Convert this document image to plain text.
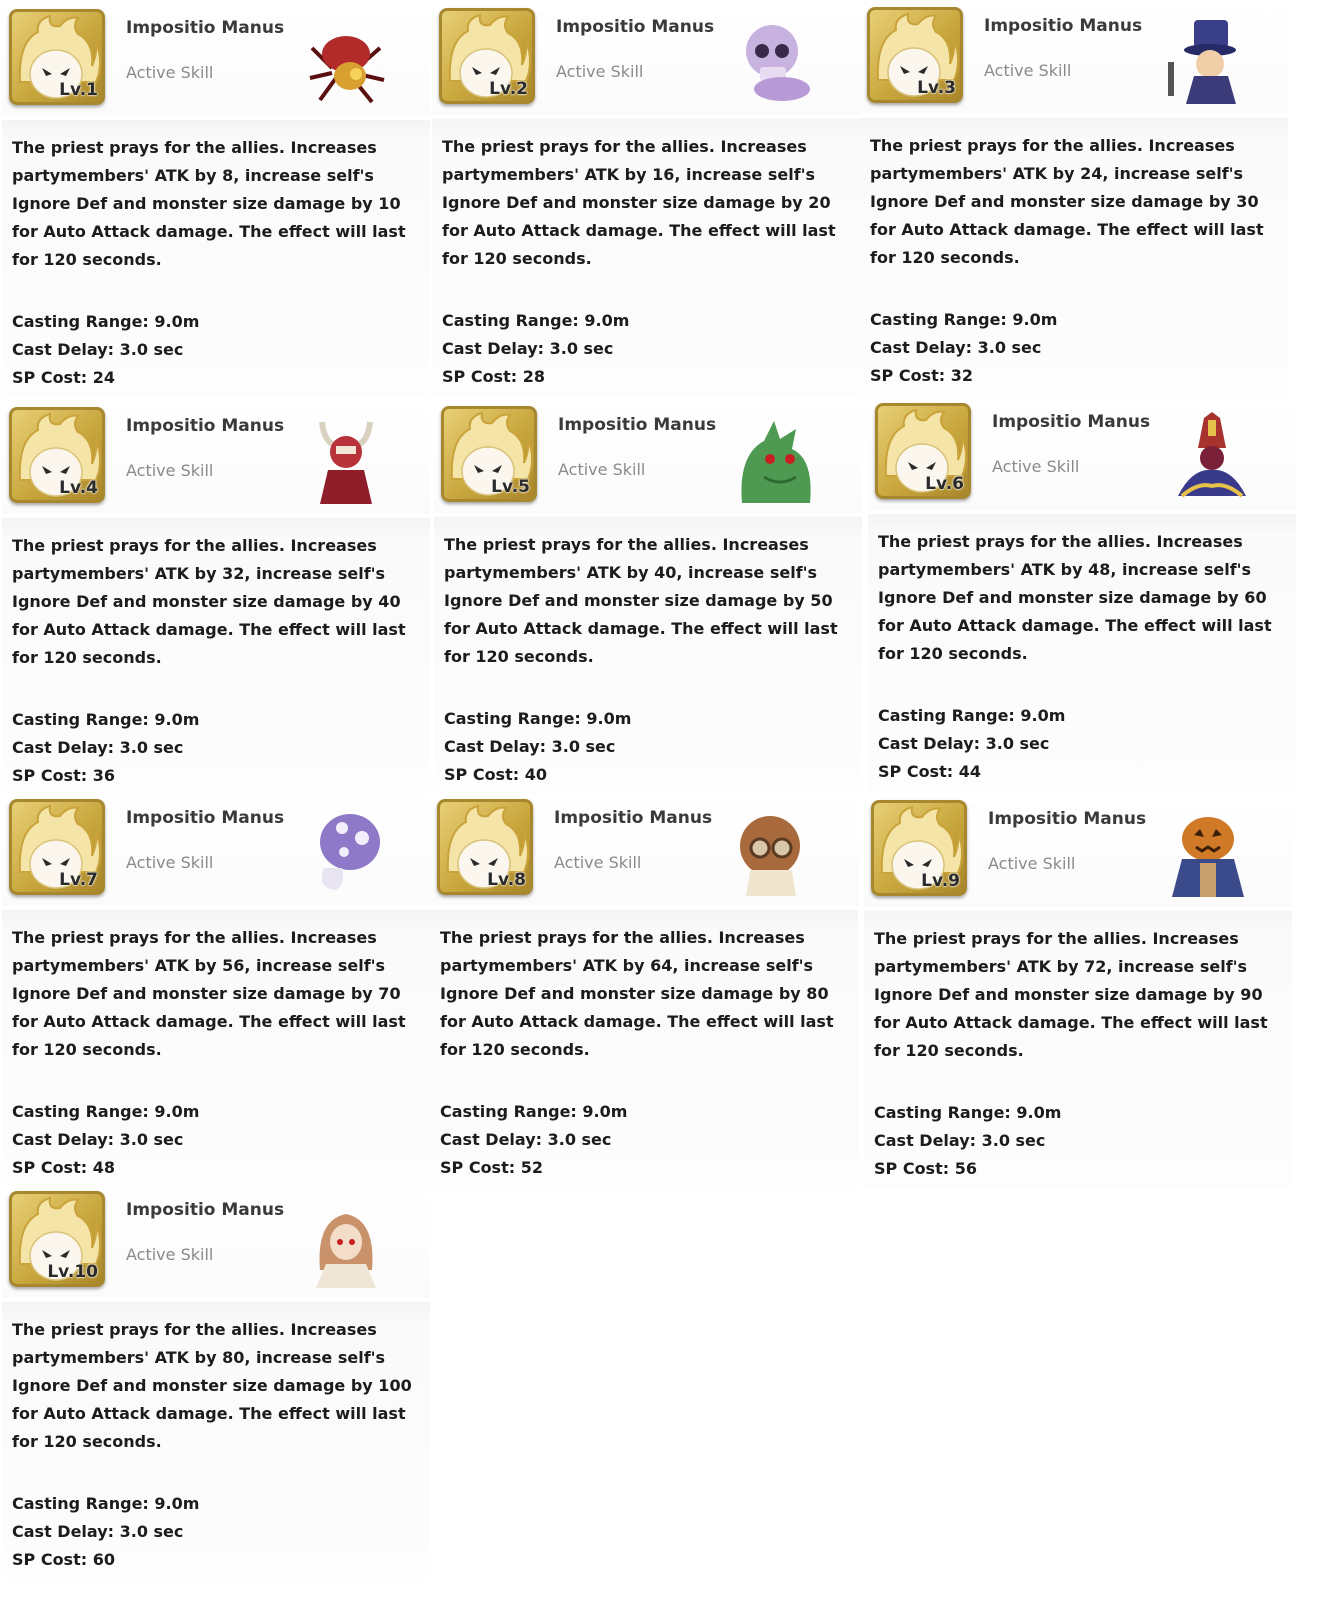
Lv.1
Impositio Manus
Active Skill
The priest prays for the allies. Increases partymembers' ATK by 8, increase self's Ignore Def and monster size damage by 10 for Auto Attack damage. The effect will last for 120 seconds.
Casting Range: 9.0m
Cast Delay: 3.0 sec
SP Cost: 24
Lv.2
Impositio Manus
Active Skill
The priest prays for the allies. Increases partymembers' ATK by 16, increase self's Ignore Def and monster size damage by 20 for Auto Attack damage. The effect will last for 120 seconds.
Casting Range: 9.0m
Cast Delay: 3.0 sec
SP Cost: 28
Lv.3
Impositio Manus
Active Skill
The priest prays for the allies. Increases partymembers' ATK by 24, increase self's Ignore Def and monster size damage by 30 for Auto Attack damage. The effect will last for 120 seconds.
Casting Range: 9.0m
Cast Delay: 3.0 sec
SP Cost: 32
Lv.4
Impositio Manus
Active Skill
The priest prays for the allies. Increases partymembers' ATK by 32, increase self's Ignore Def and monster size damage by 40 for Auto Attack damage. The effect will last for 120 seconds.
Casting Range: 9.0m
Cast Delay: 3.0 sec
SP Cost: 36
Lv.5
Impositio Manus
Active Skill
The priest prays for the allies. Increases partymembers' ATK by 40, increase self's Ignore Def and monster size damage by 50 for Auto Attack damage. The effect will last for 120 seconds.
Casting Range: 9.0m
Cast Delay: 3.0 sec
SP Cost: 40
Lv.6
Impositio Manus
Active Skill
The priest prays for the allies. Increases partymembers' ATK by 48, increase self's Ignore Def and monster size damage by 60 for Auto Attack damage. The effect will last for 120 seconds.
Casting Range: 9.0m
Cast Delay: 3.0 sec
SP Cost: 44
Lv.7
Impositio Manus
Active Skill
The priest prays for the allies. Increases partymembers' ATK by 56, increase self's Ignore Def and monster size damage by 70 for Auto Attack damage. The effect will last for 120 seconds.
Casting Range: 9.0m
Cast Delay: 3.0 sec
SP Cost: 48
Lv.8
Impositio Manus
Active Skill
The priest prays for the allies. Increases partymembers' ATK by 64, increase self's Ignore Def and monster size damage by 80 for Auto Attack damage. The effect will last for 120 seconds.
Casting Range: 9.0m
Cast Delay: 3.0 sec
SP Cost: 52
Lv.9
Impositio Manus
Active Skill
The priest prays for the allies. Increases partymembers' ATK by 72, increase self's Ignore Def and monster size damage by 90 for Auto Attack damage. The effect will last for 120 seconds.
Casting Range: 9.0m
Cast Delay: 3.0 sec
SP Cost: 56
Lv.10
Impositio Manus
Active Skill
The priest prays for the allies. Increases partymembers' ATK by 80, increase self's Ignore Def and monster size damage by 100 for Auto Attack damage. The effect will last for 120 seconds.
Casting Range: 9.0m
Cast Delay: 3.0 sec
SP Cost: 60
